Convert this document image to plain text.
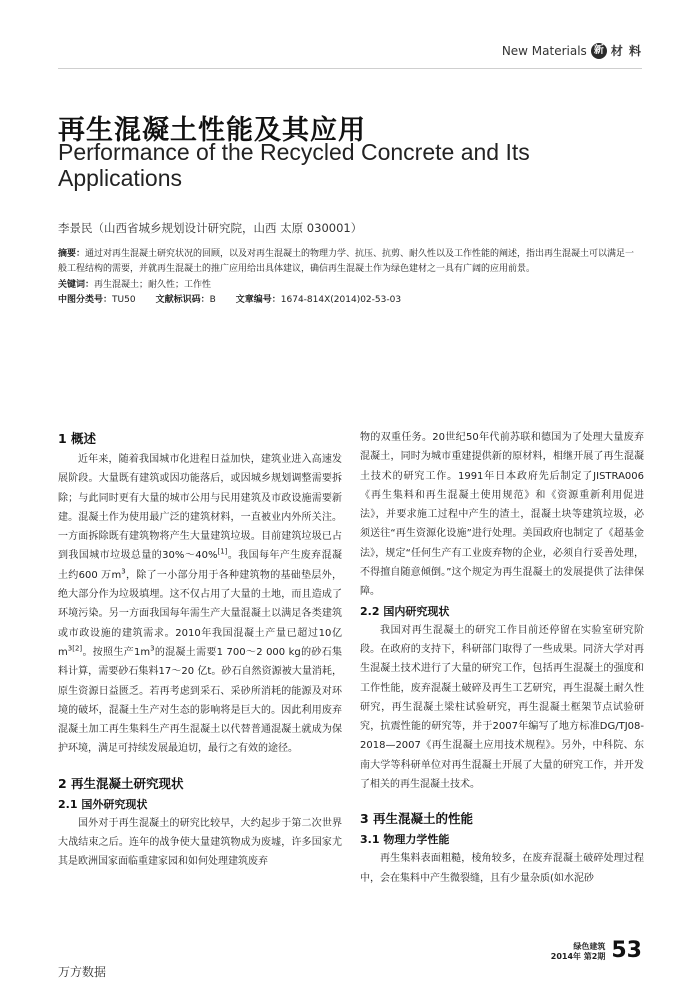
New Materials 新 材 料
再生混凝土性能及其应用
Performance of the Recycled Concrete and Its Applications
李景民（山西省城乡规划设计研究院，山西 太原 030001）
摘要：通过对再生混凝土研究状况的回顾，以及对再生混凝土的物理力学、抗压、抗剪、耐久性以及工作性能的阐述，指出再生混凝土可以满足一般工程结构的需要，并就再生混凝土的推广应用给出具体建议，确信再生混凝土作为绿色建材之一具有广阔的应用前景。
关键词：再生混凝土；耐久性；工作性
中图分类号：TU50 文献标识码：B 文章编号：1674-814X(2014)02-53-03
1 概述

近年来，随着我国城市化进程日益加快，建筑业进入高速发展阶段。大量既有建筑或因功能落后，或因城乡规划调整需要拆除；与此同时更有大量的城市公用与民用建筑及市政设施需要新建。混凝土作为使用最广泛的建筑材料，一直被业内外所关注。一方面拆除既有建筑物将产生大量建筑垃圾。目前建筑垃圾已占到我国城市垃圾总量的30%～40%[1]。我国每年产生废弃混凝土约600 万$m^3$，除了一小部分用于各种建筑物的基础垫层外，绝大部分作为垃圾填埋。这不仅占用了大量的土地，而且造成了环境污染。另一方面我国每年需生产大量混凝土以满足各类建筑或市政设施的建筑需求。2010年我国混凝土产量已超过10亿$m^{3[2]}$。按照生产$1m^3$的混凝土需要1 700～2 000 kg的砂石集料计算，需要砂石集料17～20 亿t。砂石自然资源被大量消耗，原生资源日益匮乏。若再考虑到采石、采砂所消耗的能源及对环境的破坏，混凝土生产对生态的影响将是巨大的。因此利用废弃混凝土加工再生集料生产再生混凝土以代替普通混凝土就成为保护环境，满足可持续发展最迫切，最行之有效的途径。

2 再生混凝土研究现状
2.1 国外研究现状

国外对于再生混凝土的研究比较早，大约起步于第二次世界大战结束之后。连年的战争使大量建筑物成为废墟，许多国家尤其是欧洲国家面临重建家园和如何处理建筑废弃

物的双重任务。20世纪50年代前苏联和德国为了处理大量废弃混凝土，同时为城市重建提供新的原材料，相继开展了再生混凝土技术的研究工作。1991年日本政府先后制定了JISTRA006《再生集料和再生混凝土使用规范》和《资源重新利用促进法》，并要求施工过程中产生的渣土，混凝土块等建筑垃圾，必须送往“再生资源化设施”进行处理。美国政府也制定了《超基金法》，规定“任何生产有工业废弃物的企业，必须自行妥善处理，不得擅自随意倾倒。”这个规定为再生混凝土的发展提供了法律保障。

2.2 国内研究现状

我国对再生混凝土的研究工作目前还停留在实验室研究阶段。在政府的支持下，科研部门取得了一些成果。同济大学对再生混凝土技术进行了大量的研究工作，包括再生混凝土的强度和工作性能，废弃混凝土破碎及再生工艺研究，再生混凝土耐久性研究，再生混凝土梁柱试验研究，再生混凝土框架节点试验研究，抗震性能的研究等，并于2007年编写了地方标准DG/TJ08-2018—2007《再生混凝土应用技术规程》。另外，中科院、东南大学等科研单位对再生混凝土开展了大量的研究工作，并开发了相关的再生混凝土技术。

3 再生混凝土的性能
3.1 物理力学性能

再生集料表面粗糙，棱角较多，在废弃混凝土破碎处理过程中，会在集料中产生微裂缝，且有少量杂质(如水泥砂

绿色建筑
2014年 第2期 53
万方数据
